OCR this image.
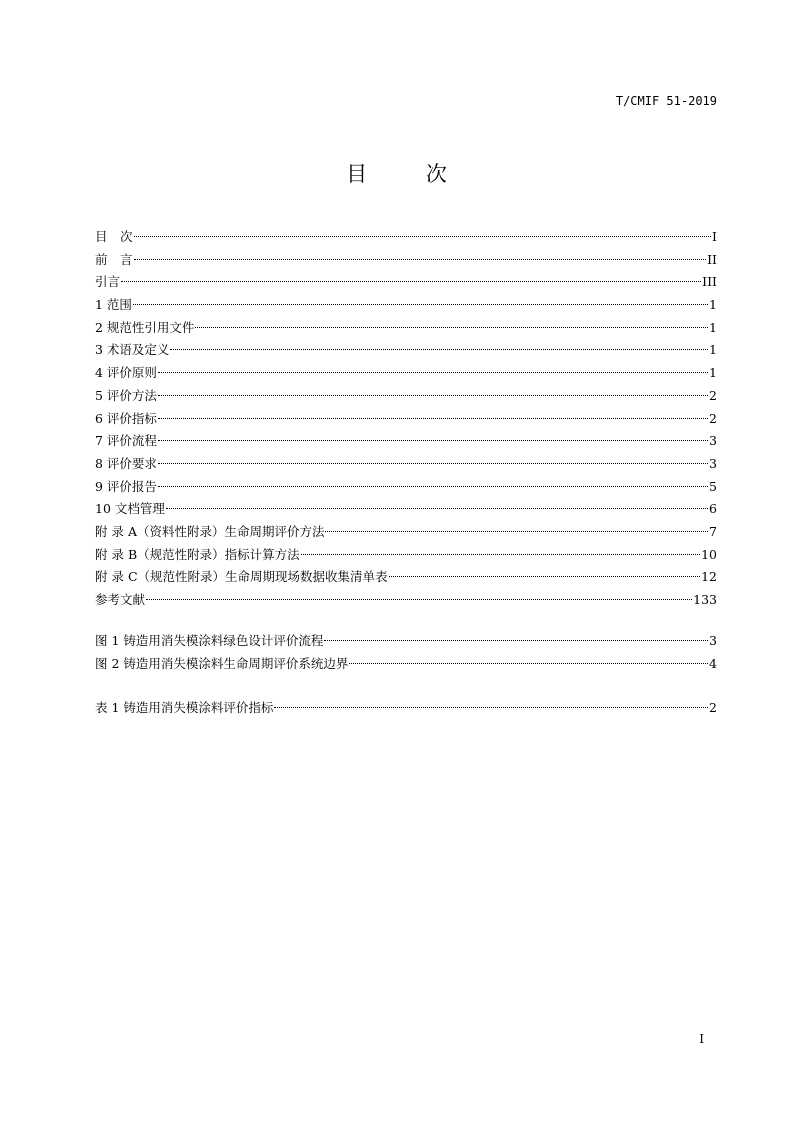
T/CMIF 51-2019
目　次
目　次	I
前　言	II
引言	III
1 范围	1
2 规范性引用文件	1
3 术语及定义	1
4 评价原则	1
5 评价方法	2
6 评价指标	2
7 评价流程	3
8 评价要求	3
9 评价报告	5
10 文档管理	6
附 录 A（资料性附录）生命周期评价方法	7
附 录 B（规范性附录）指标计算方法	10
附 录 C（规范性附录）生命周期现场数据收集清单表	12
参考文献	133
图 1 铸造用消失模涂料绿色设计评价流程	3
图 2 铸造用消失模涂料生命周期评价系统边界	4
表 1 铸造用消失模涂料评价指标	2
I
